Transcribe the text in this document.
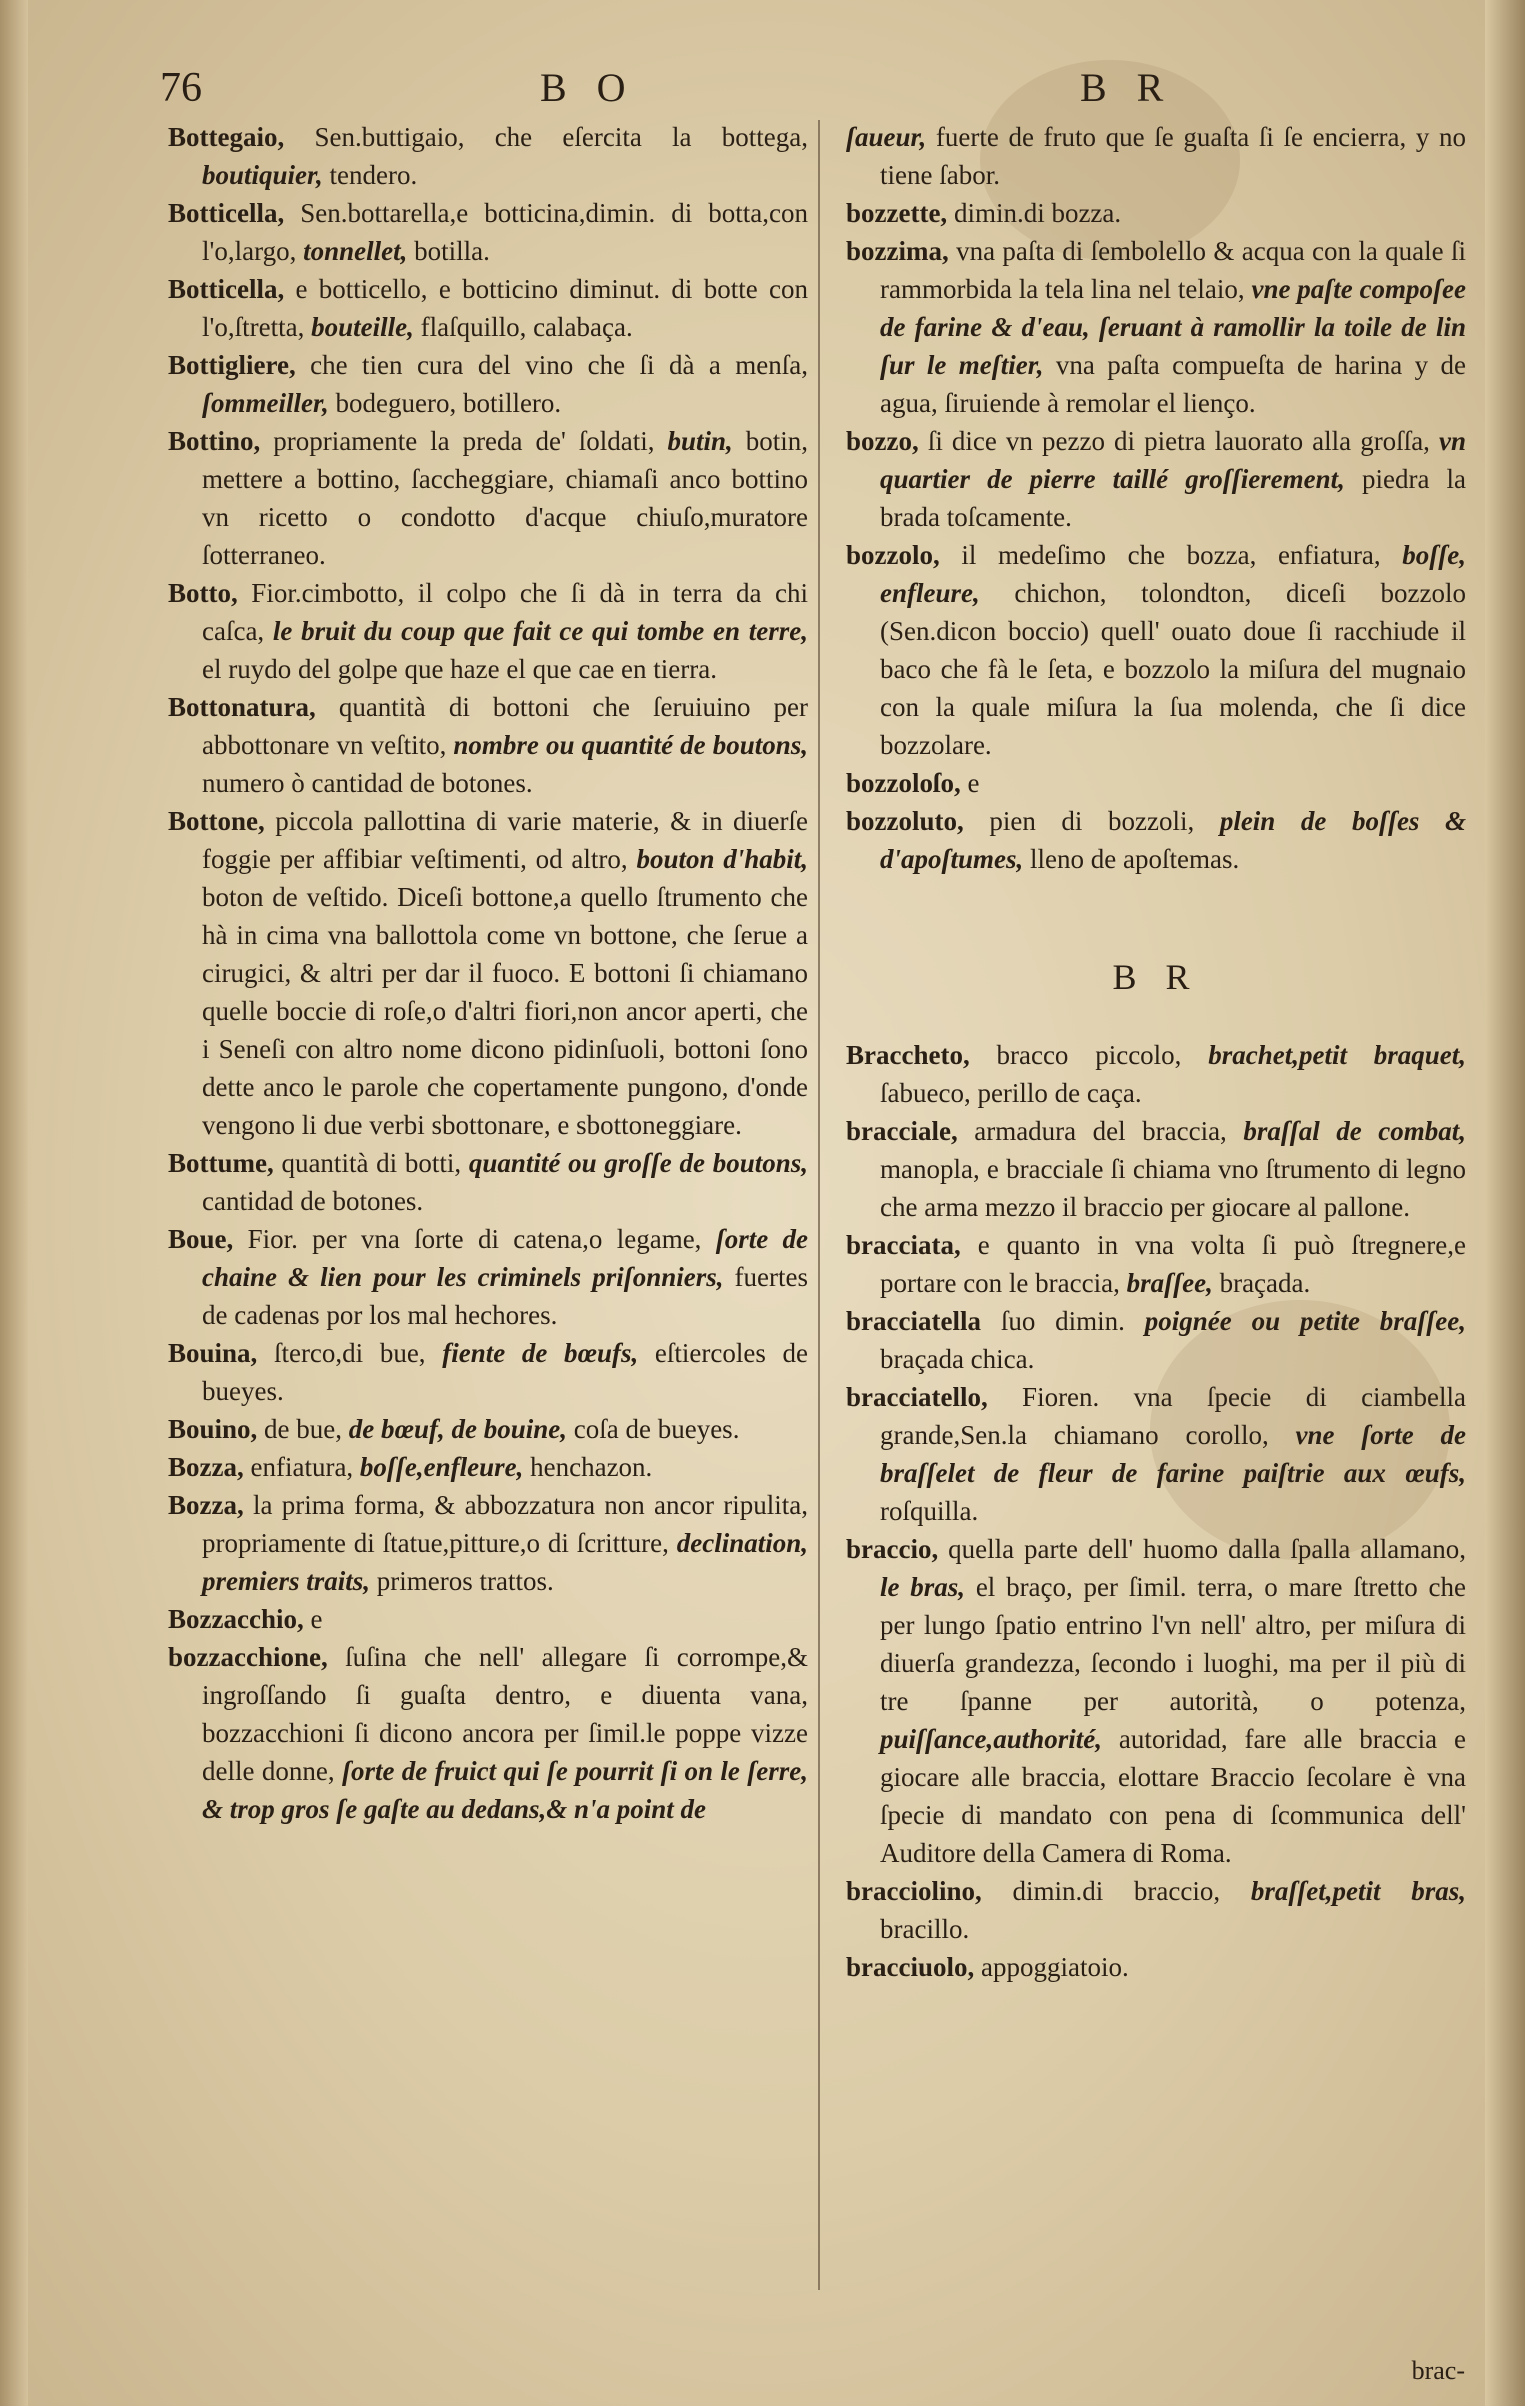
76	B O	B R
Bottegaio, Sen.buttigaio, che eſercita la bottega, boutiquier, tendero.
Botticella, Sen.bottarella,e botticina,dimin. di botta,con l'o,largo, tonnellet, botilla.
Botticella, e botticello, e botticino diminut. di botte con l'o,ſtretta, bouteille, flaſquillo, calabaça.
Bottigliere, che tien cura del vino che ſi dà a menſa, ſommeiller, bodeguero, botillero.
Bottino, propriamente la preda de' ſoldati, butin, botin, mettere a bottino, ſaccheggiare, chiamaſi anco bottino vn ricetto o condotto d'acque chiuſo,muratore ſotterraneo.
Botto, Fior.cimbotto, il colpo che ſi dà in terra da chi caſca, le bruit du coup que fait ce qui tombe en terre, el ruydo del golpe que haze el que cae en tierra.
Bottonatura, quantità di bottoni che ſeruiuino per abbottonare vn veſtito, nombre ou quantité de boutons, numero ò cantidad de botones.
Bottone, piccola pallottina di varie materie, & in diuerſe foggie per affibiar veſtimenti, od altro, bouton d'habit, boton de veſtido. Diceſi bottone,a quello ſtrumento che hà in cima vna ballottola come vn bottone, che ſerue a cirugici, & altri per dar il fuoco. E bottoni ſi chiamano quelle boccie di roſe,o d'altri fiori,non ancor aperti, che i Seneſi con altro nome dicono pidinſuoli, bottoni ſono dette anco le parole che copertamente pungono, d'onde vengono li due verbi sbottonare, e sbottoneggiare.
Bottume, quantità di botti, quantité ou groſſe de boutons, cantidad de botones.
Boue, Fior. per vna ſorte di catena,o legame, ſorte de chaine & lien pour les criminels priſonniers, fuertes de cadenas por los mal hechores.
Bouina, ſterco,di bue, fiente de bœufs, eſtiercoles de bueyes.
Bouino, de bue, de bœuf, de bouine, coſa de bueyes.
Bozza, enfiatura, boſſe,enfleure, henchazon.
Bozza, la prima forma, & abbozzatura non ancor ripulita, propriamente di ſtatue,pitture,o di ſcritture, declination, premiers traits, primeros trattos.
Bozzacchio, e
bozzacchione, ſuſina che nell' allegare ſi corrompe,& ingroſſando ſi guaſta dentro, e diuenta vana, bozzacchioni ſi dicono ancora per ſimil.le poppe vizze delle donne, ſorte de fruict qui ſe pourrit ſi on le ſerre, & trop gros ſe gaſte au dedans,& n'a point de
ſaueur, fuerte de fruto que ſe guaſta ſi ſe encierra, y no tiene ſabor.
bozzette, dimin.di bozza.
bozzima, vna paſta di ſembolello & acqua con la quale ſi rammorbida la tela lina nel telaio, vne paſte compoſee de farine & d'eau, ſeruant à ramollir la toile de lin ſur le meſtier, vna paſta compueſta de harina y de agua, ſiruiende à remolar el lienço.
bozzo, ſi dice vn pezzo di pietra lauorato alla groſſa, vn quartier de pierre taillé groſſierement, piedra la brada toſcamente.
bozzolo, il medeſimo che bozza, enfiatura, boſſe, enfleure, chichon, tolondton, diceſi bozzolo (Sen.dicon boccio) quell' ouato doue ſi racchiude il baco che fà le ſeta, e bozzolo la miſura del mugnaio con la quale miſura la ſua molenda, che ſi dice bozzolare.
bozzoloſo, e
bozzoluto, pien di bozzoli, plein de boſſes & d'apoſtumes, lleno de apoſtemas.
B R
Braccheto, bracco piccolo, brachet,petit braquet, ſabueco, perillo de caça.
bracciale, armadura del braccia, braſſal de combat, manopla, e bracciale ſi chiama vno ſtrumento di legno che arma mezzo il braccio per giocare al pallone.
bracciata, e quanto in vna volta ſi può ſtregnere,e portare con le braccia, braſſee, braçada.
bracciatella ſuo dimin. poignée ou petite braſſee, braçada chica.
bracciatello, Fioren. vna ſpecie di ciambella grande,Sen.la chiamano corollo, vne ſorte de braſſelet de fleur de farine paiſtrie aux œufs, roſquilla.
braccio, quella parte dell' huomo dalla ſpalla allamano, le bras, el braço, per ſimil. terra, o mare ſtretto che per lungo ſpatio entrino l'vn nell' altro, per miſura di diuerſa grandezza, ſecondo i luoghi, ma per il più di tre ſpanne per autorità, o potenza, puiſſance,authorité, autoridad, fare alle braccia e giocare alle braccia, elottare Braccio ſecolare è vna ſpecie di mandato con pena di ſcommunica dell' Auditore della Camera di Roma.
bracciolino, dimin.di braccio, braſſet,petit bras, bracillo.
bracciuolo, appoggiatoio.
brac-
